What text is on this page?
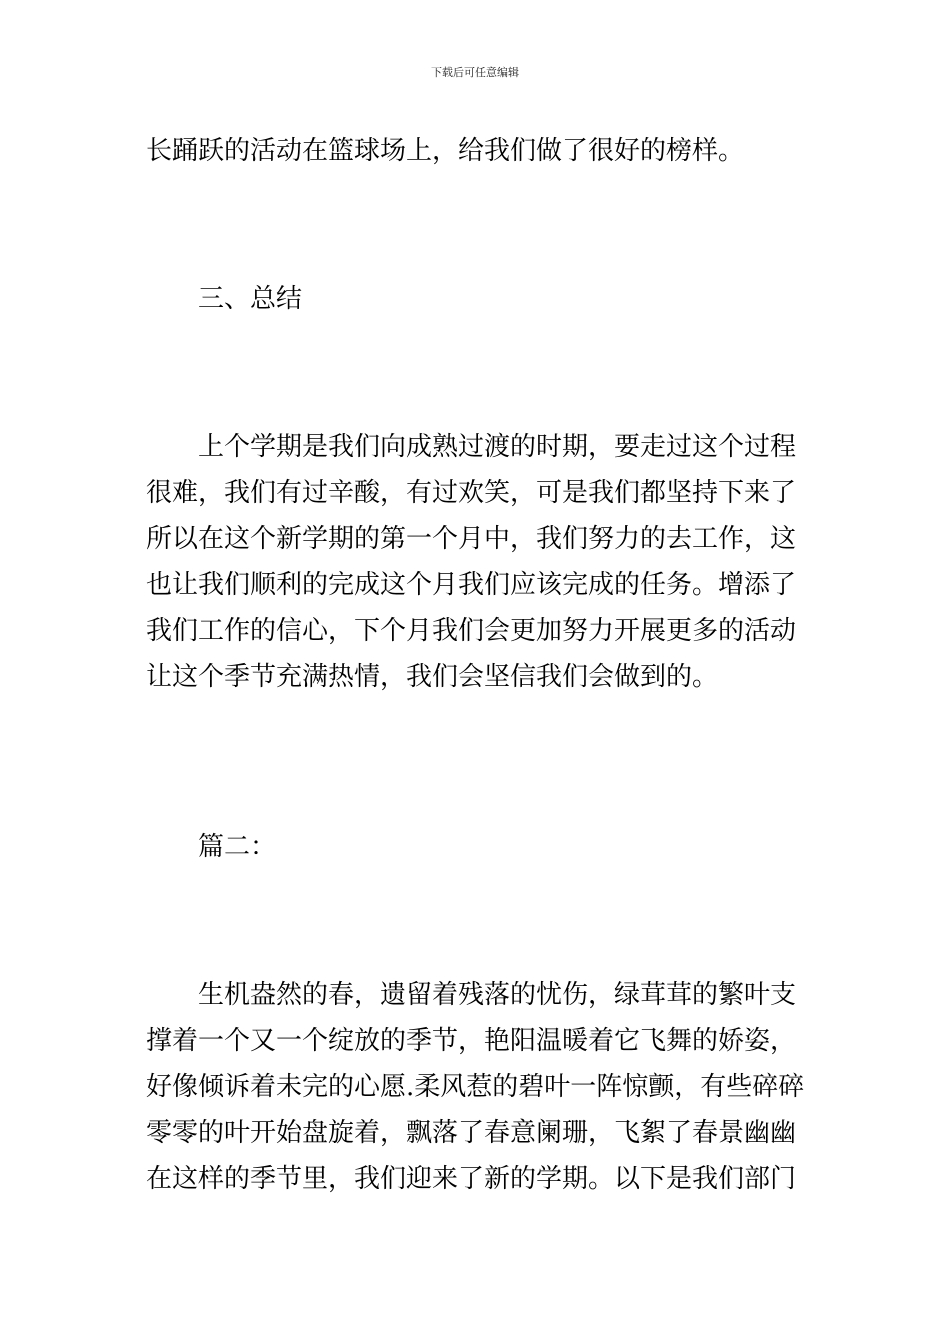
下载后可任意编辑
长踊跃的活动在篮球场上，给我们做了很好的榜样。
三、总结
上个学期是我们向成熟过渡的时期，要走过这个过程
很难，我们有过辛酸，有过欢笑，可是我们都坚持下来了
所以在这个新学期的第一个月中，我们努力的去工作，这
也让我们顺利的完成这个月我们应该完成的任务。增添了
我们工作的信心，下个月我们会更加努力开展更多的活动
让这个季节充满热情，我们会坚信我们会做到的。
篇二：
生机盎然的春，遗留着残落的忧伤，绿茸茸的繁叶支
撑着一个又一个绽放的季节，艳阳温暖着它飞舞的娇姿，
好像倾诉着未完的心愿.柔风惹的碧叶一阵惊颤，有些碎碎
零零的叶开始盘旋着，飘落了春意阑珊，飞絮了春景幽幽
在这样的季节里，我们迎来了新的学期。以下是我们部门
